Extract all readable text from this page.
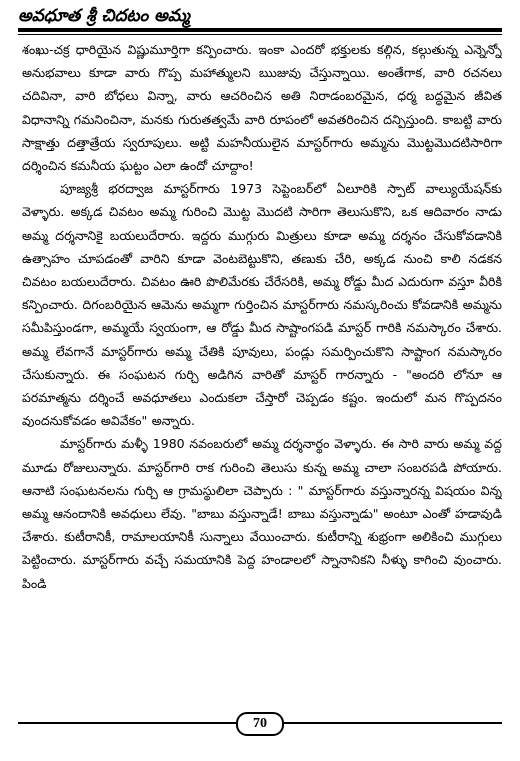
అవధూత శ్రీ చిదటం అమ్మ

శంఖు-చక్ర ధారియైన విష్ణుమూర్తిగా కన్పించారు. ఇంకా ఎందరో భక్తులకు కల్గిన, కల్గుతున్న ఎన్నెన్నో అనుభవాలు కూడా వారు గొప్ప మహాత్ములని ఋజువు చేస్తున్నాయి. అంతేగాక, వారి రచనలు చదివినా, వారి బోధలు విన్నా, వారు ఆచరించిన అతి నిరాడంబరమైన, ధర్మ బద్ధమైన జీవిత విధానాన్ని గమనించినా, మనకు గురుతత్వమే వారి రూపంలో అవతరించిన దన్పిస్తుంది. కాబట్టి వారు సాక్షాత్తు దత్తాత్రేయ స్వరూపులు. అట్టి మహనీయులైన మాస్టర్‌గారు అమ్మను మొట్టమొదటిసారిగా దర్శించిన కమనీయ ఘట్టం ఎలా ఉందో చూద్దాం!

పూజ్యశ్రీ భరద్వాజ మాస్టర్‌గారు 1973 సెప్టెంబర్‌లో ఏలూరికి స్పాట్ వాల్యుయేషన్‌కు వెళ్ళారు. అక్కడ చివటం అమ్మ గురించి మొట్ట మొదటి సారిగా తెలుసుకొని, ఒక ఆదివారం నాడు అమ్మ దర్శనానికై బయలుదేరారు. ఇద్దరు ముగ్గురు మిత్రులు కూడా అమ్మ దర్శనం చేసుకోవడానికి ఉత్సాహం చూపడంతో వారిని కూడా వెంటబెట్టుకొని, తణుకు చేరి, అక్కడ నుంచి కాలి నడకన చివటం బయలుదేరారు. చివటం ఊరి పొలిమేరకు చేరేసరికి, అమ్మ రోడ్డు మీద ఎదురుగా వస్తూ వీరికి కన్పించారు. దిగంబరియైన ఆమెను అమ్మగా గుర్తించిన మాస్టర్‌గారు నమస్కరించు కోవడానికి అమ్మను సమీపిస్తుండగా, అమ్మయే స్వయంగా, ఆ రోడ్డు మీద సాష్టాంగపడి మాస్టర్ గారికి నమస్కారం చేశారు. అమ్మ లేవగానే మాస్టర్‌గారు అమ్మ చేతికి పూవులు, పండ్లు సమర్పించుకొని సాష్టాంగ నమస్కారం చేసుకున్నారు. ఈ సంఘటన గుర్చి అడిగిన వారితో మాస్టర్ గారన్నారు - "అందరి లోనూ ఆ పరమాత్మను దర్శించే అవధూతలు ఎందుకలా చేస్తారో చెప్పడం కష్టం. ఇందులో మన గొప్పదనం వుందనుకోవడం అవివేకం" అన్నారు.

మాస్టర్‌గారు మళ్ళీ 1980 నవంబరులో అమ్మ దర్శనార్థం వెళ్ళారు. ఈ సారి వారు అమ్మ వద్ద మూడు రోజులున్నారు. మాస్టర్‌గారి రాక గురించి తెలుసు కున్న అమ్మ చాలా సంబరపడి పోయారు. ఆనాటి సంఘటనలను గుర్చి ఆ గ్రామస్థులిలా చెప్పారు : " మాస్టర్‌గారు వస్తున్నారన్న విషయం విన్న అమ్మ ఆనందానికి అవధులు లేవు. "బాబు వస్తున్నాడే! బాబు వస్తున్నాడు" అంటూ ఎంతో హడావుడి చేశారు. కుటీరానికీ, రామాలయానికీ సున్నాలు వేయించారు. కుటీరాన్ని శుభ్రంగా అలికించి ముగ్గులు పెట్టించారు. మాస్టర్‌గారు వచ్చే సమయానికి పెద్ద హండాలలో స్నానానికని నీళ్ళు కాగించి వుంచారు. పిండి

70
